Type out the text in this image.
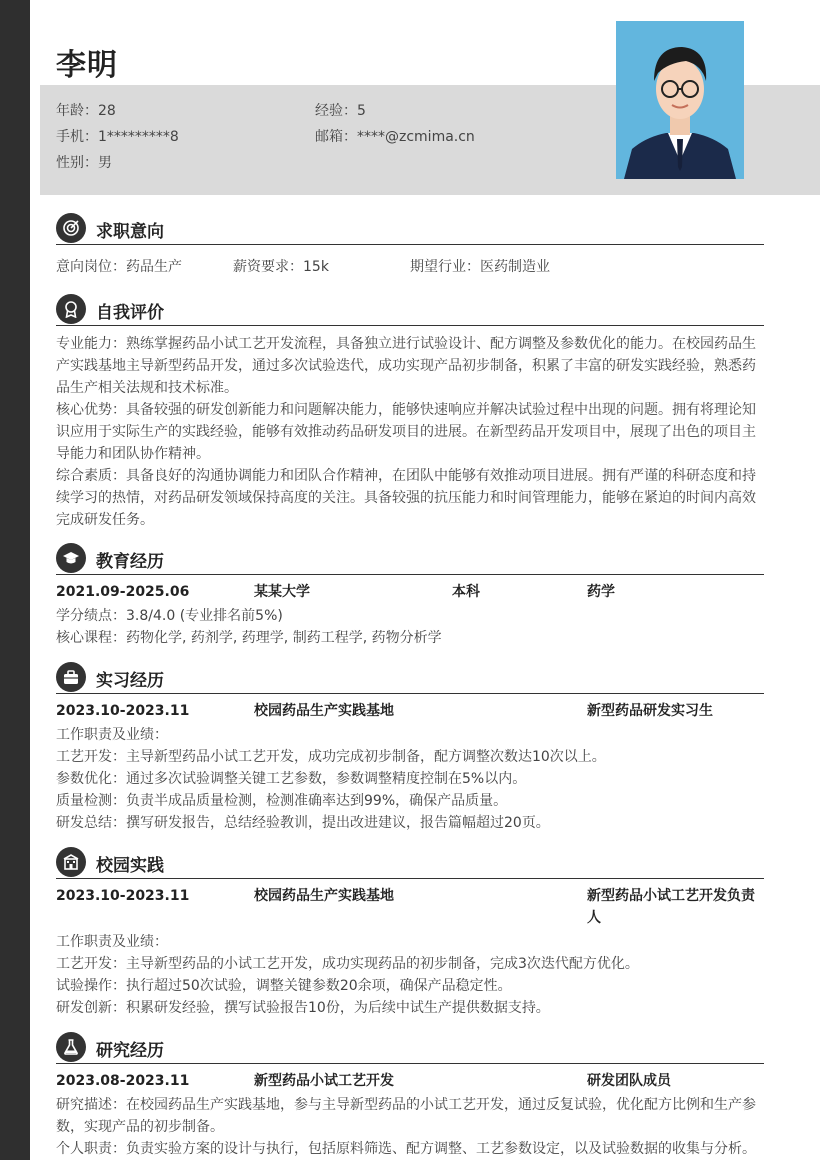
李明
年龄：28	经验：5
手机：1*********8	邮箱：****@zcmima.cn
性别：男
求职意向
意向岗位：药品生产	薪资要求：15k	期望行业：医药制造业
自我评价
专业能力：熟练掌握药品小试工艺开发流程，具备独立进行试验设计、配方调整及参数优化的能力。在校园药品生产实践基地主导新型药品开发，通过多次试验迭代，成功实现产品初步制备，积累了丰富的研发实践经验，熟悉药品生产相关法规和技术标准。
核心优势：具备较强的研发创新能力和问题解决能力，能够快速响应并解决试验过程中出现的问题。拥有将理论知识应用于实际生产的实践经验，能够有效推动药品研发项目的进展。在新型药品开发项目中，展现了出色的项目主导能力和团队协作精神。
综合素质：具备良好的沟通协调能力和团队合作精神，在团队中能够有效推动项目进展。拥有严谨的科研态度和持续学习的热情，对药品研发领域保持高度的关注。具备较强的抗压能力和时间管理能力，能够在紧迫的时间内高效完成研发任务。
教育经历
2021.09-2025.06	某某大学	本科	药学
学分绩点：3.8/4.0 (专业排名前5%)
核心课程：药物化学, 药剂学, 药理学, 制药工程学, 药物分析学
实习经历
2023.10-2023.11	校园药品生产实践基地	新型药品研发实习生
工作职责及业绩：
工艺开发：主导新型药品小试工艺开发，成功完成初步制备，配方调整次数达10次以上。
参数优化：通过多次试验调整关键工艺参数，参数调整精度控制在5%以内。
质量检测：负责半成品质量检测，检测准确率达到99%，确保产品质量。
研发总结：撰写研发报告，总结经验教训，提出改进建议，报告篇幅超过20页。
校园实践
2023.10-2023.11	校园药品生产实践基地	新型药品小试工艺开发负责人
工作职责及业绩：
工艺开发：主导新型药品的小试工艺开发，成功实现药品的初步制备，完成3次迭代配方优化。
试验操作：执行超过50次试验，调整关键参数20余项，确保产品稳定性。
研发创新：积累研发经验，撰写试验报告10份，为后续中试生产提供数据支持。
研究经历
2023.08-2023.11	新型药品小试工艺开发	研发团队成员
研究描述：在校园药品生产实践基地，参与主导新型药品的小试工艺开发，通过反复试验，优化配方比例和生产参数，实现产品的初步制备。
个人职责：负责实验方案的设计与执行，包括原料筛选、配方调整、工艺参数设定，以及试验数据的收集与分析。
